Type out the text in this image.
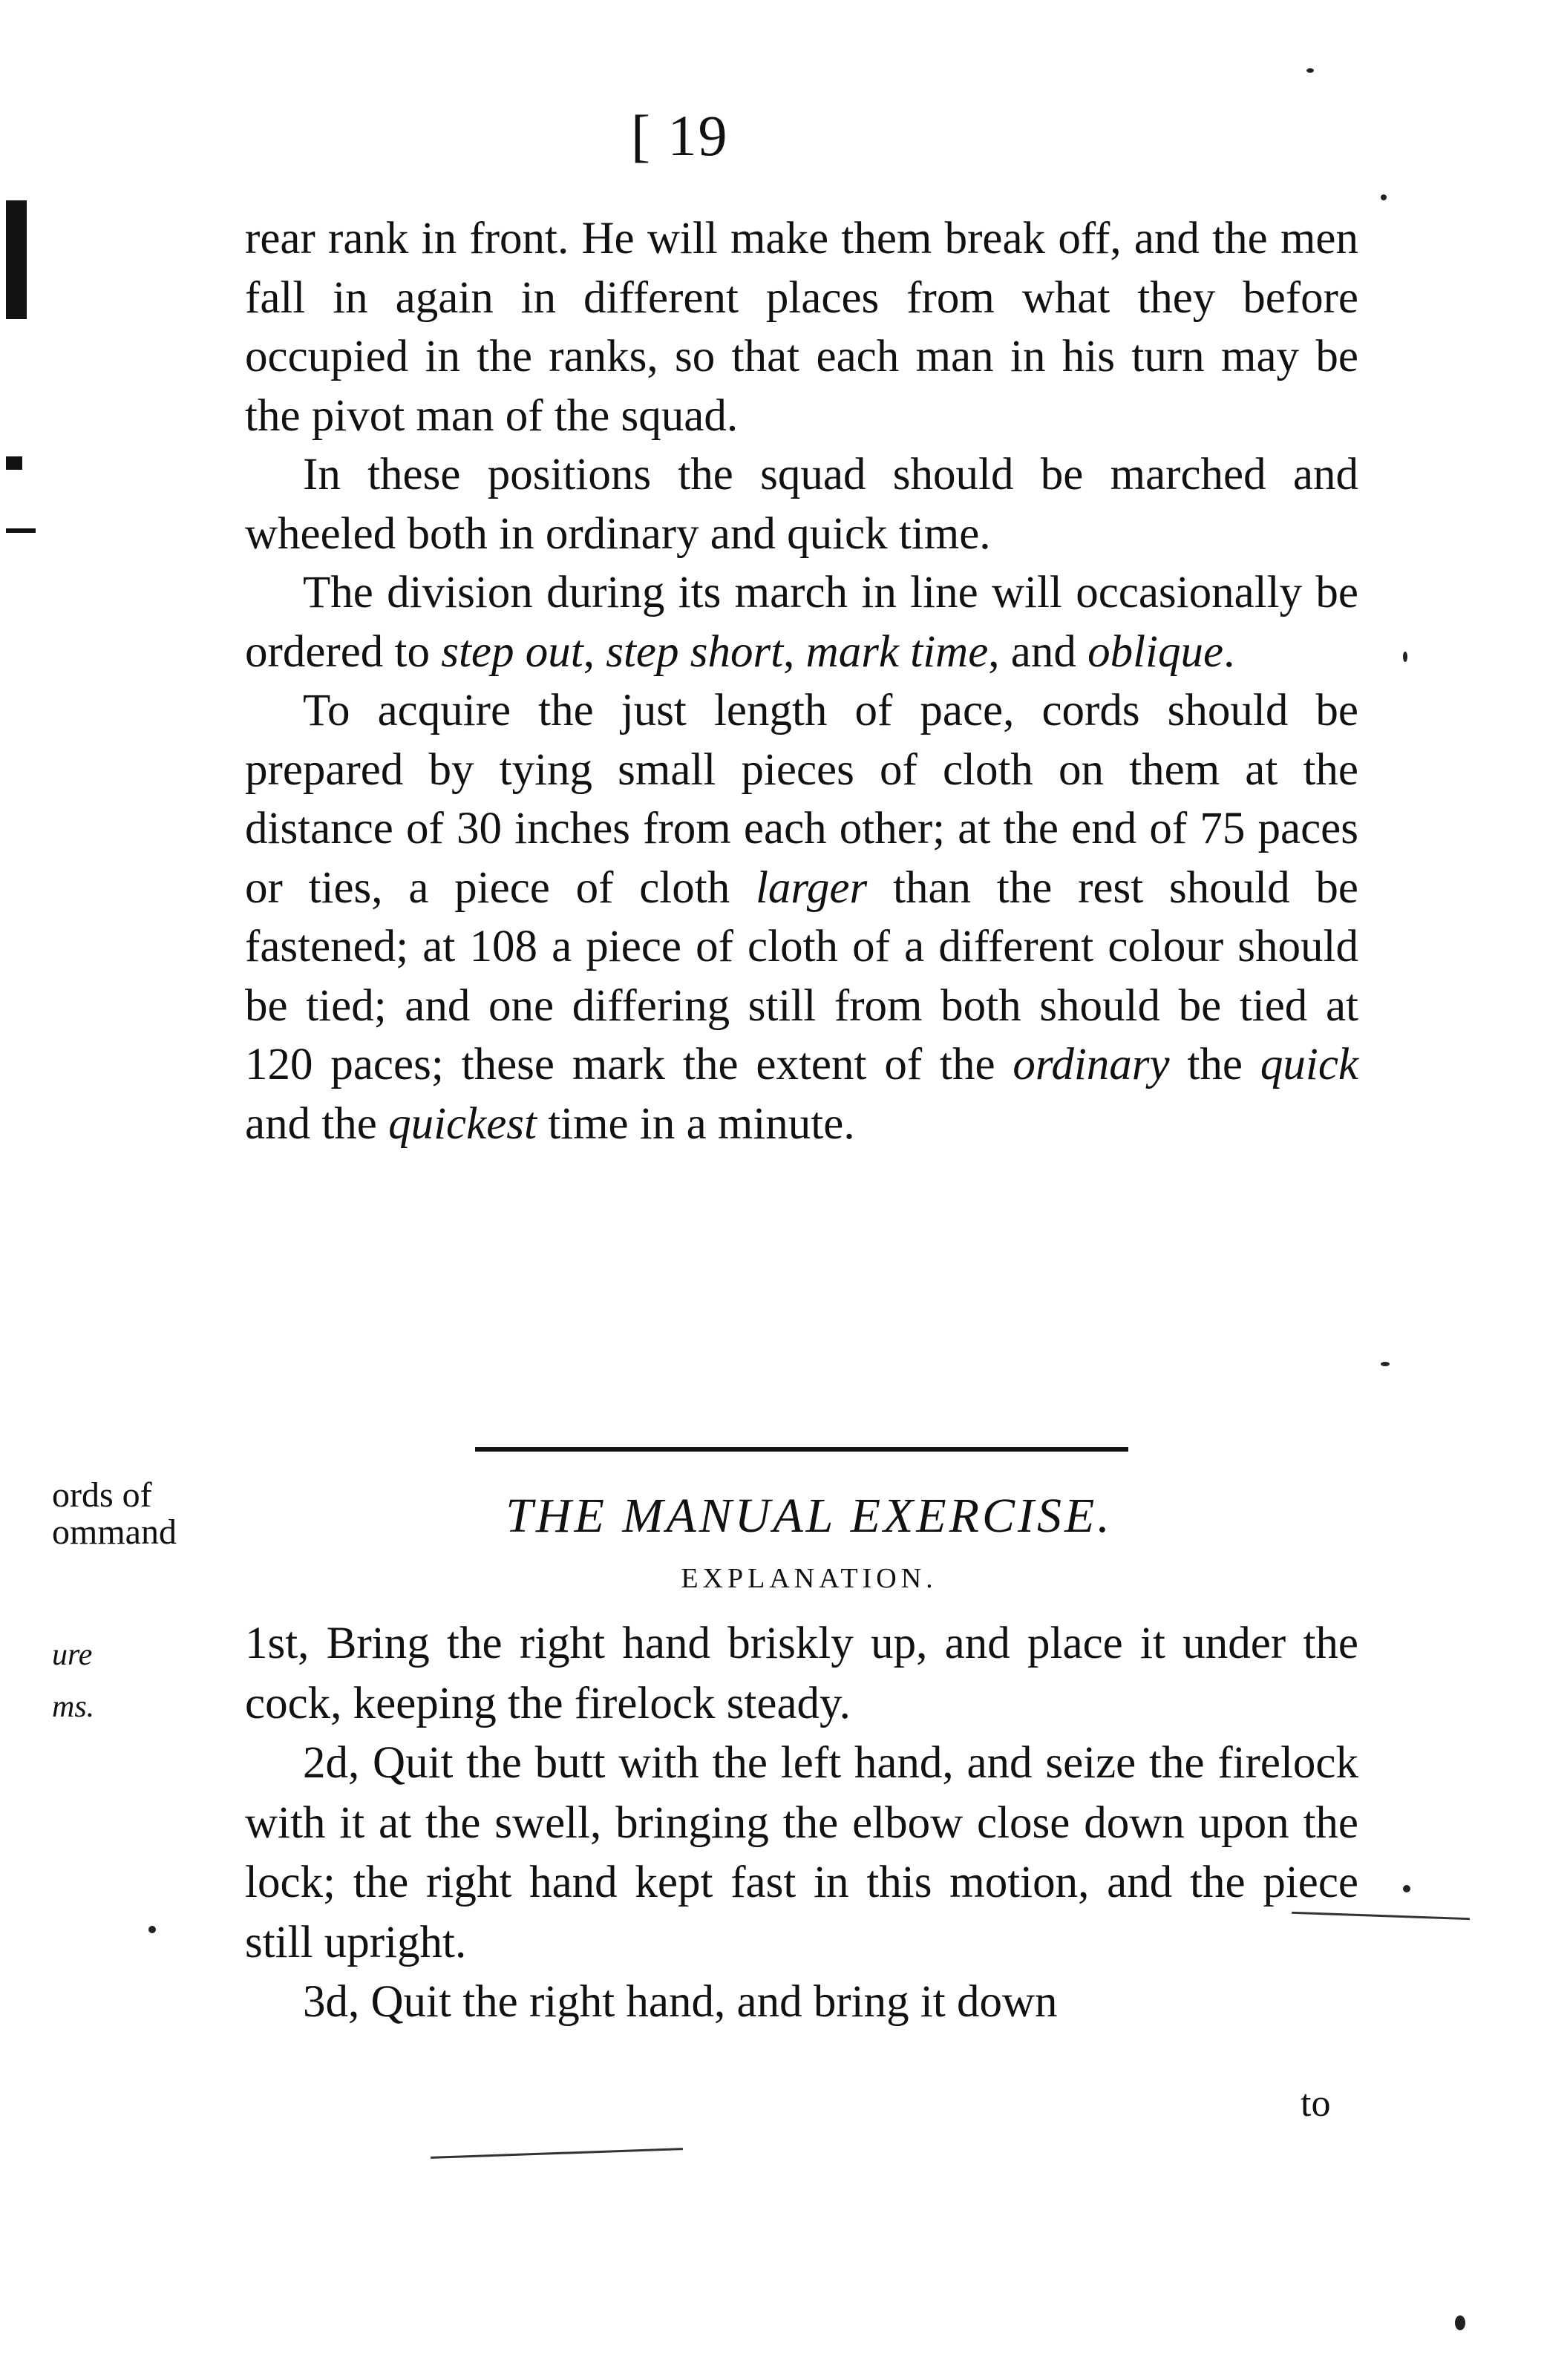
[ 19

rear rank in front. He will make them break off, and the men fall in again in different places from what they before occupied in the ranks, so that each man in his turn may be the pivot man of the squad.

In these positions the squad should be marched and wheeled both in ordinary and quick time.

The division during its march in line will occasionally be ordered to step out, step short, mark time, and oblique.

To acquire the just length of pace, cords should be prepared by tying small pieces of cloth on them at the distance of 30 inches from each other; at the end of 75 paces or ties, a piece of cloth larger than the rest should be fastened; at 108 a piece of cloth of a different colour should be tied; and one differing still from both should be tied at 120 paces; these mark the extent of the ordinary the quick and the quickest time in a minute.

ords of
ommand
ure
ms.
THE MANUAL EXERCISE.
EXPLANATION.

1st, Bring the right hand briskly up, and place it under the cock, keeping the firelock steady.

2d, Quit the butt with the left hand, and seize the firelock with it at the swell, bringing the elbow close down upon the lock; the right hand kept fast in this motion, and the piece still upright.

3d, Quit the right hand, and bring it down

to
